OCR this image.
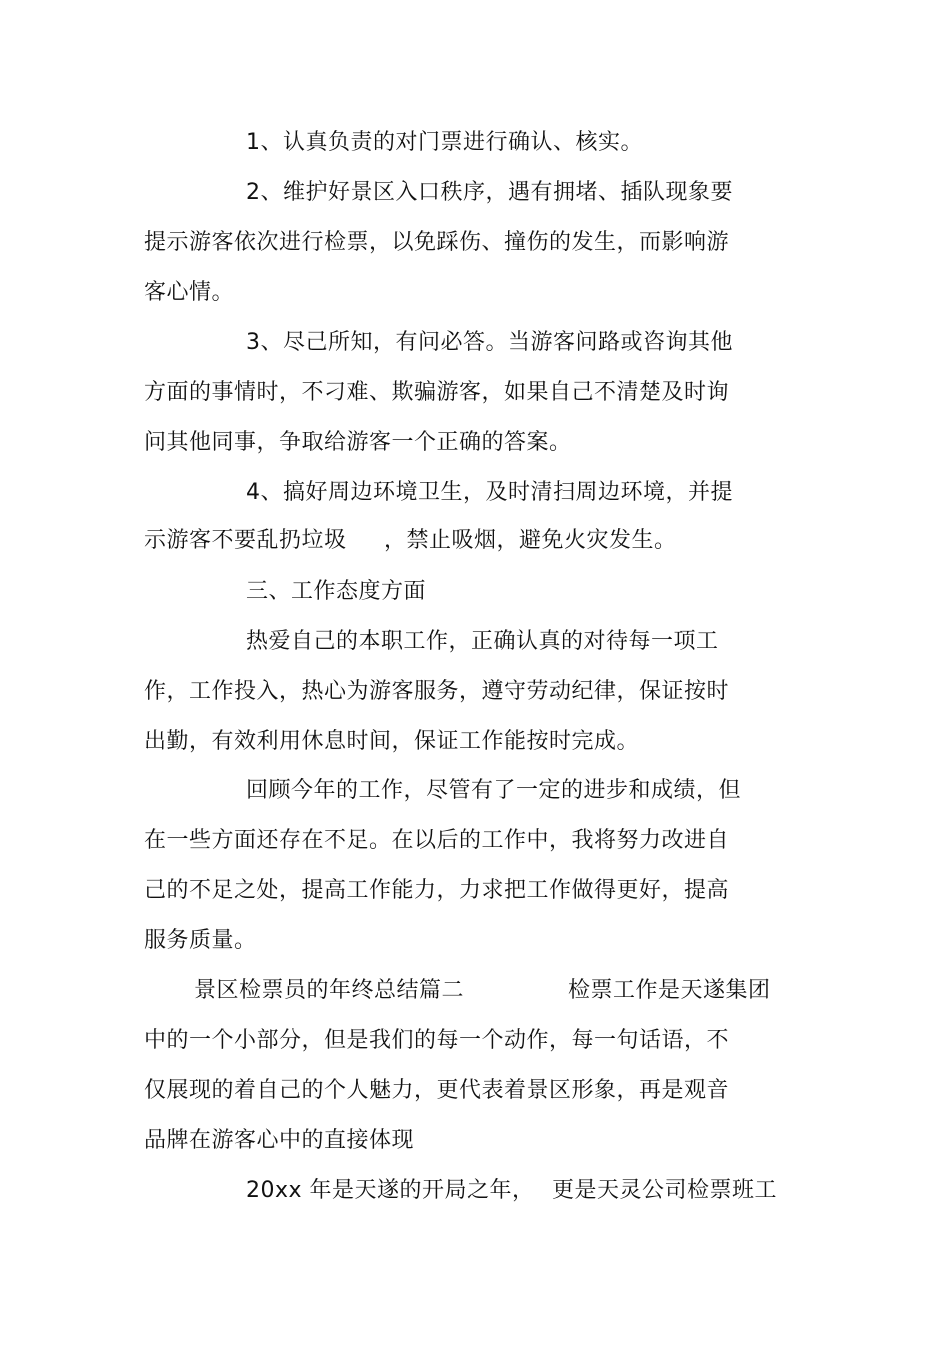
1、认真负责的对门票进行确认、核实。
2、维护好景区入口秩序，遇有拥堵、插队现象要
提示游客依次进行检票，以免踩伤、撞伤的发生，而影响游
客心情。
3、尽己所知，有问必答。当游客问路或咨询其他
方面的事情时，不刁难、欺骗游客，如果自己不清楚及时询
问其他同事，争取给游客一个正确的答案。
4、搞好周边环境卫生，及时清扫周边环境，并提
示游客不要乱扔垃圾 ，禁止吸烟，避免火灾发生。
三、工作态度方面
热爱自己的本职工作，正确认真的对待每一项工
作，工作投入，热心为游客服务，遵守劳动纪律，保证按时
出勤，有效利用休息时间，保证工作能按时完成。
回顾今年的工作，尽管有了一定的进步和成绩，但
在一些方面还存在不足。在以后的工作中，我将努力改进自
己的不足之处，提高工作能力，力求把工作做得更好，提高
服务质量。
景区检票员的年终总结篇二	检票工作是天遂集团
中的一个小部分，但是我们的每一个动作，每一句话语，不
仅展现的着自己的个人魅力，更代表着景区形象，再是观音
品牌在游客心中的直接体现
20xx 年是天遂的开局之年， 更是天灵公司检票班工
